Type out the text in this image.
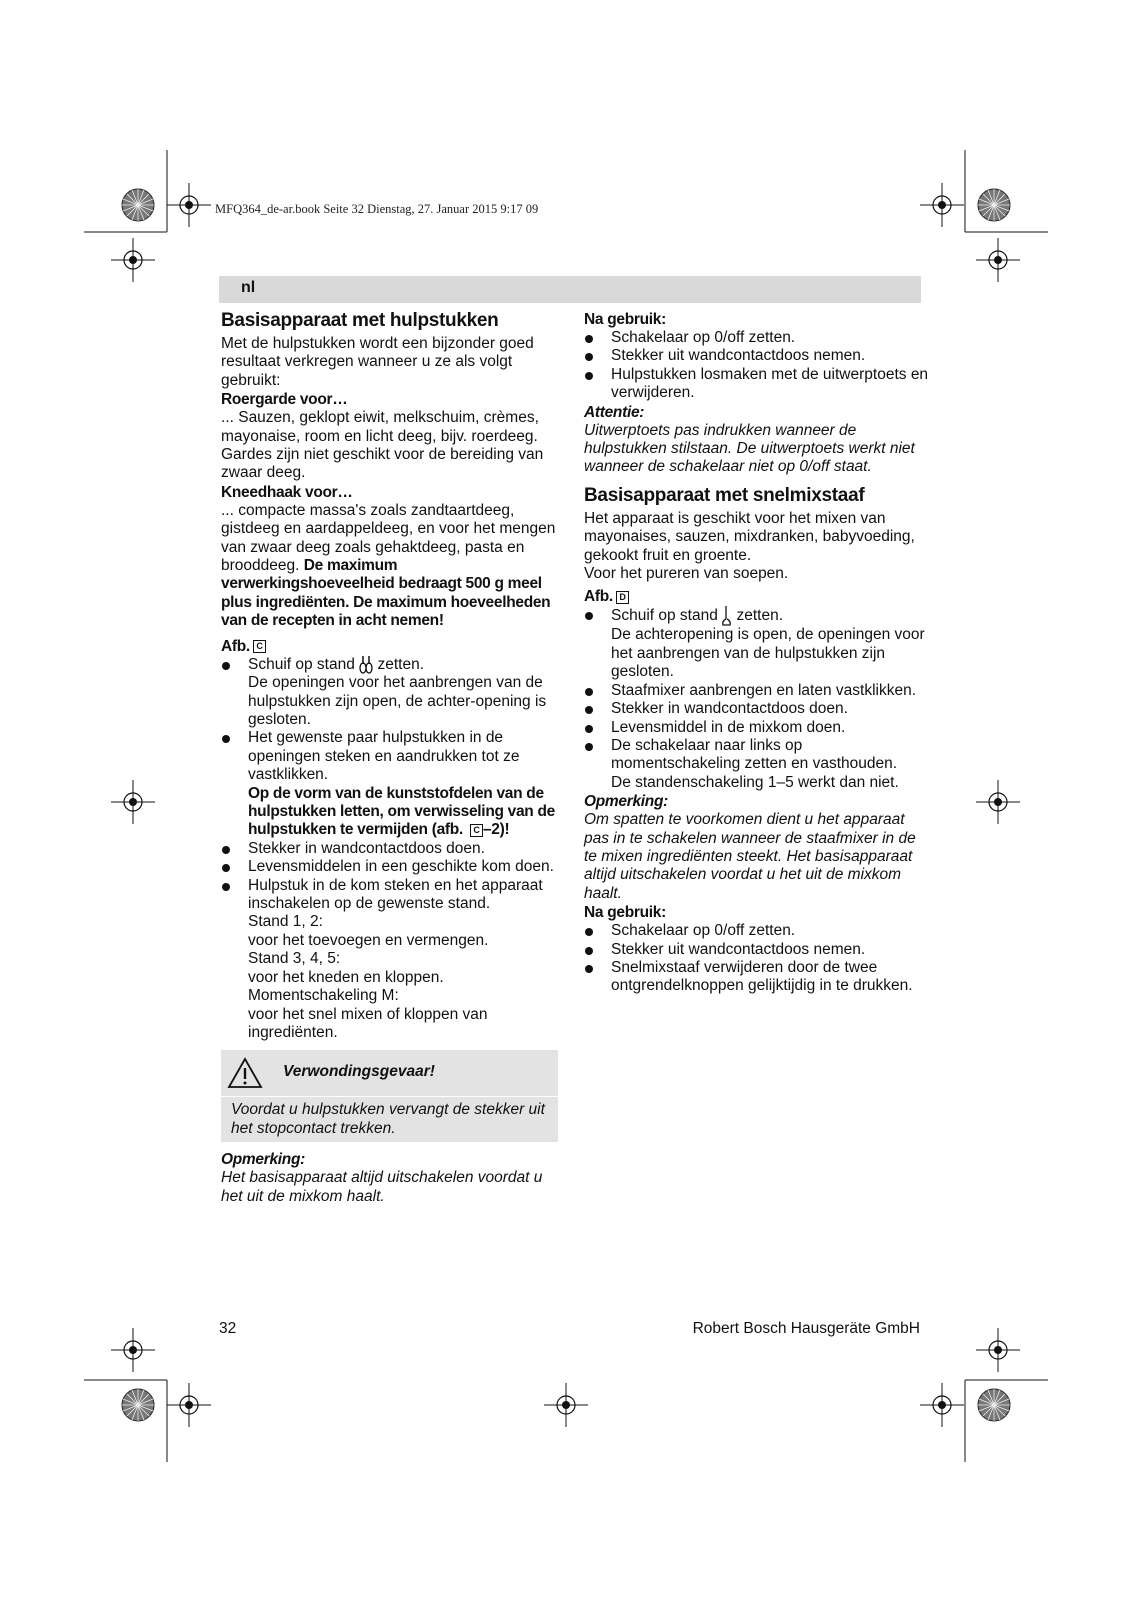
MFQ364_de-ar.book Seite 32 Dienstag, 27. Januar 2015 9:17 09
nl
Basisapparaat met hulpstukken

Met de hulpstukken wordt een bijzonder goed resultaat verkregen wanneer u ze als volgt gebruikt:

Roergarde voor…

... Sauzen, geklopt eiwit, melkschuim, crèmes, mayonaise, room en licht deeg, bijv. roerdeeg. Gardes zijn niet geschikt voor de bereiding van zwaar deeg.

Kneedhaak voor…

... compacte massa's zoals zandtaartdeeg, gistdeeg en aardappeldeeg, en voor het mengen van zwaar deeg zoals gehaktdeeg, pasta en brooddeeg. De maximum verwerkingshoeveelheid bedraagt 500 g meel plus ingrediënten. De maximum hoeveelheden van de recepten in acht nemen!

Afb. C
Schuif op stand zetten.
De openingen voor het aanbrengen van de hulpstukken zijn open, de achter-opening is gesloten.
Het gewenste paar hulpstukken in de openingen steken en aandrukken tot ze vastklikken.
Op de vorm van de kunststofdelen van de hulpstukken letten, om verwisseling van de hulpstukken te vermijden (afb. C –2)!
Stekker in wandcontactdoos doen.
Levensmiddelen in een geschikte kom doen.
Hulpstuk in de kom steken en het apparaat inschakelen op de gewenste stand.
Stand 1, 2:
voor het toevoegen en vermengen.
Stand 3, 4, 5:
voor het kneden en kloppen.
Momentschakeling M:
voor het snel mixen of kloppen van ingrediënten.
Verwondingsgevaar!
Voordat u hulpstukken vervangt de stekker uit het stopcontact trekken.
Opmerking:

Het basisapparaat altijd uitschakelen voordat u het uit de mixkom haalt.

Na gebruik:
Schakelaar op 0/off zetten.
Stekker uit wandcontactdoos nemen.
Hulpstukken losmaken met de uitwerptoets en verwijderen.
Attentie:

Uitwerptoets pas indrukken wanneer de hulpstukken stilstaan. De uitwerptoets werkt niet wanneer de schakelaar niet op 0/off staat.

Basisapparaat met snelmixstaaf

Het apparaat is geschikt voor het mixen van mayonaises, sauzen, mixdranken, babyvoeding, gekookt fruit en groente.

Voor het pureren van soepen.

Afb. D
Schuif op stand zetten.
De achteropening is open, de openingen voor het aanbrengen van de hulpstukken zijn gesloten.
Staafmixer aanbrengen en laten vastklikken.
Stekker in wandcontactdoos doen.
Levensmiddel in de mixkom doen.
De schakelaar naar links op momentschakeling zetten en vasthouden.
De standenschakeling 1–5 werkt dan niet.
Opmerking:

Om spatten te voorkomen dient u het apparaat pas in te schakelen wanneer de staafmixer in de te mixen ingrediënten steekt. Het basisapparaat altijd uitschakelen voordat u het uit de mixkom haalt.

Na gebruik:
Schakelaar op 0/off zetten.
Stekker uit wandcontactdoos nemen.
Snelmixstaaf verwijderen door de twee ontgrendelknoppen gelijktijdig in te drukken.
32	Robert Bosch Hausgeräte GmbH
